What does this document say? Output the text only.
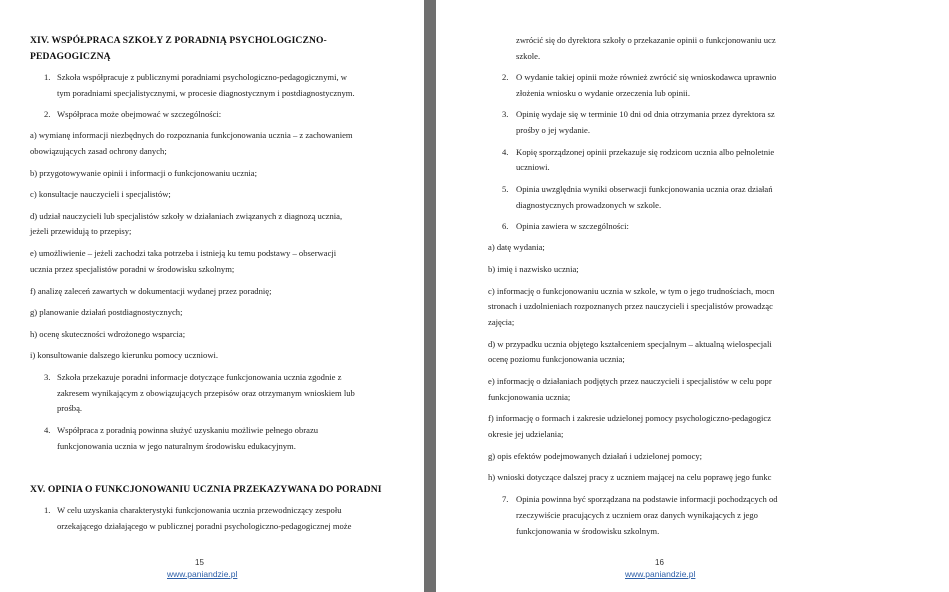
XIV. WSPÓŁPRACA SZKOŁY Z PORADNIĄ PSYCHOLOGICZNO-
PEDAGOGICZNĄ
1. Szkoła współpracuje z publicznymi poradniami psychologiczno-pedagogicznymi, w
tym poradniami specjalistycznymi, w procesie diagnostycznym i postdiagnostycznym.
2. Współpraca może obejmować w szczególności:
a) wymianę informacji niezbędnych do rozpoznania funkcjonowania ucznia – z zachowaniem
obowiązujących zasad ochrony danych;
b) przygotowywanie opinii i informacji o funkcjonowaniu ucznia;
c) konsultacje nauczycieli i specjalistów;
d) udział nauczycieli lub specjalistów szkoły w działaniach związanych z diagnozą ucznia,
jeżeli przewidują to przepisy;
e) umożliwienie – jeżeli zachodzi taka potrzeba i istnieją ku temu podstawy – obserwacji
ucznia przez specjalistów poradni w środowisku szkolnym;
f) analizę zaleceń zawartych w dokumentacji wydanej przez poradnię;
g) planowanie działań postdiagnostycznych;
h) ocenę skuteczności wdrożonego wsparcia;
i) konsultowanie dalszego kierunku pomocy uczniowi.
3. Szkoła przekazuje poradni informacje dotyczące funkcjonowania ucznia zgodnie z
zakresem wynikającym z obowiązujących przepisów oraz otrzymanym wnioskiem lub
prośbą.
4. Współpraca z poradnią powinna służyć uzyskaniu możliwie pełnego obrazu
funkcjonowania ucznia w jego naturalnym środowisku edukacyjnym.
XV. OPINIA O FUNKCJONOWANIU UCZNIA PRZEKAZYWANA DO PORADNI
1. W celu uzyskania charakterystyki funkcjonowania ucznia przewodniczący zespołu
orzekającego działającego w publicznej poradni psychologiczno-pedagogicznej może
15
www.paniandzie.pl
zwrócić się do dyrektora szkoły o przekazanie opinii o funkcjonowaniu ucz
szkole.
2. O wydanie takiej opinii może również zwrócić się wnioskodawca uprawnio
złożenia wniosku o wydanie orzeczenia lub opinii.
3. Opinię wydaje się w terminie 10 dni od dnia otrzymania przez dyrektora sz
prośby o jej wydanie.
4. Kopię sporządzonej opinii przekazuje się rodzicom ucznia albo pełnoletnie
uczniowi.
5. Opinia uwzględnia wyniki obserwacji funkcjonowania ucznia oraz działań
diagnostycznych prowadzonych w szkole.
6. Opinia zawiera w szczególności:
a) datę wydania;
b) imię i nazwisko ucznia;
c) informację o funkcjonowaniu ucznia w szkole, w tym o jego trudnościach, mocn
stronach i uzdolnieniach rozpoznanych przez nauczycieli i specjalistów prowadząc
zajęcia;
d) w przypadku ucznia objętego kształceniem specjalnym – aktualną wielospecjali
ocenę poziomu funkcjonowania ucznia;
e) informację o działaniach podjętych przez nauczycieli i specjalistów w celu popr
funkcjonowania ucznia;
f) informację o formach i zakresie udzielonej pomocy psychologiczno-pedagogicz
okresie jej udzielania;
g) opis efektów podejmowanych działań i udzielonej pomocy;
h) wnioski dotyczące dalszej pracy z uczniem mającej na celu poprawę jego funkc
7. Opinia powinna być sporządzana na podstawie informacji pochodzących od
rzeczywiście pracujących z uczniem oraz danych wynikających z jego
funkcjonowania w środowisku szkolnym.
16
www.paniandzie.pl
